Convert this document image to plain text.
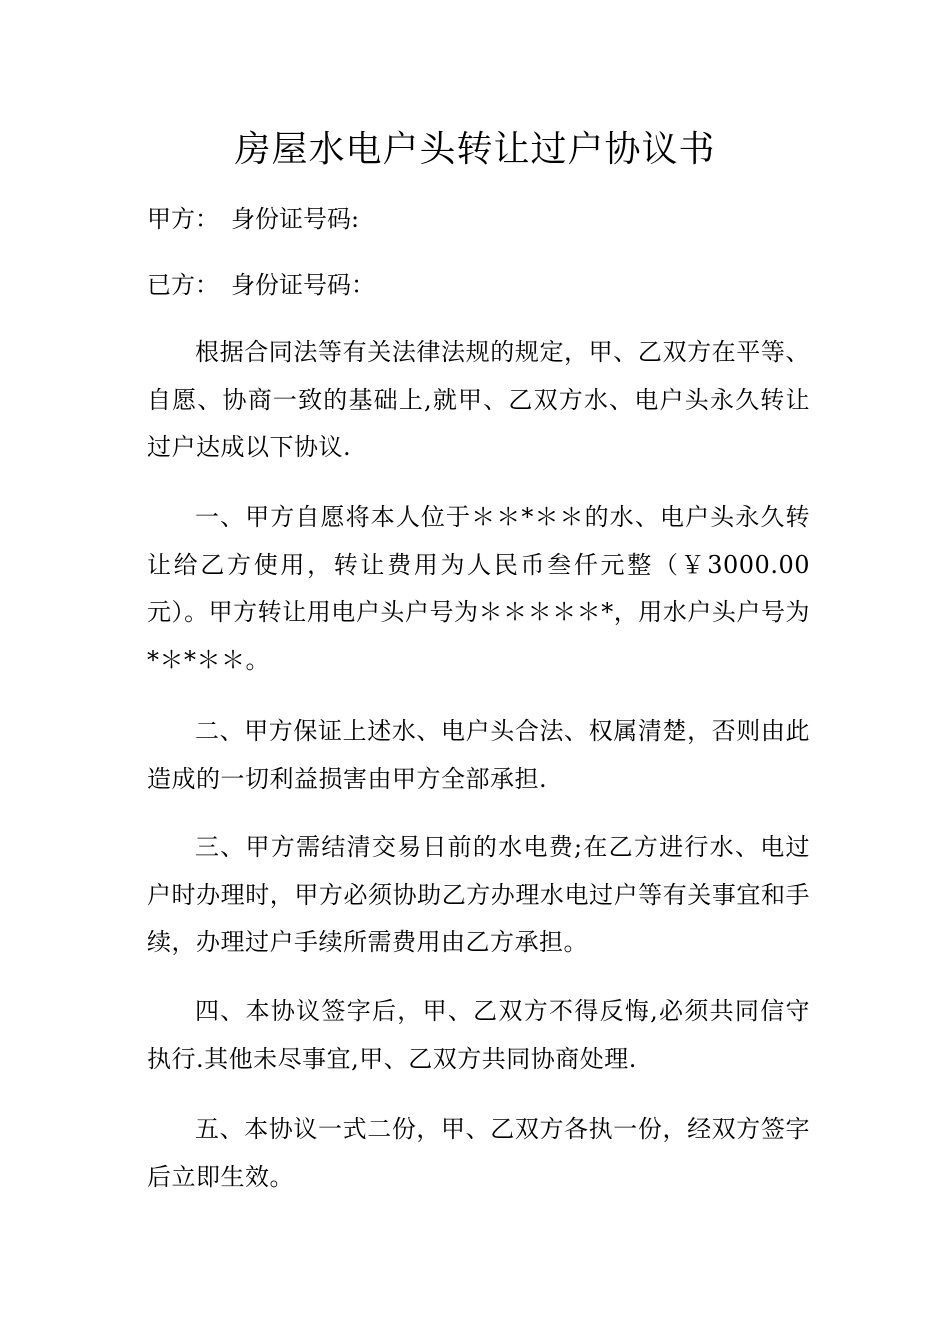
房屋水电户头转让过户协议书
甲方： 身份证号码:
已方： 身份证号码：

根据合同法等有关法律法规的规定，甲、乙双方在平等、自愿、协商一致的基础上,就甲、乙双方水、电户头永久转让过户达成以下协议.

一、甲方自愿将本人位于＊＊*＊＊的水、电户头永久转让给乙方使用，转让费用为人民币叁仟元整（￥3000.00元）。甲方转让用电户头户号为＊＊＊＊＊*，用水户头户号为*＊*＊＊。

二、甲方保证上述水、电户头合法、权属清楚，否则由此造成的一切利益损害由甲方全部承担.

三、甲方需结清交易日前的水电费;在乙方进行水、电过户时办理时，甲方必须协助乙方办理水电过户等有关事宜和手续，办理过户手续所需费用由乙方承担。

四、本协议签字后，甲、乙双方不得反悔,必须共同信守执行.其他未尽事宜,甲、乙双方共同协商处理.

五、本协议一式二份，甲、乙双方各执一份，经双方签字后立即生效。
